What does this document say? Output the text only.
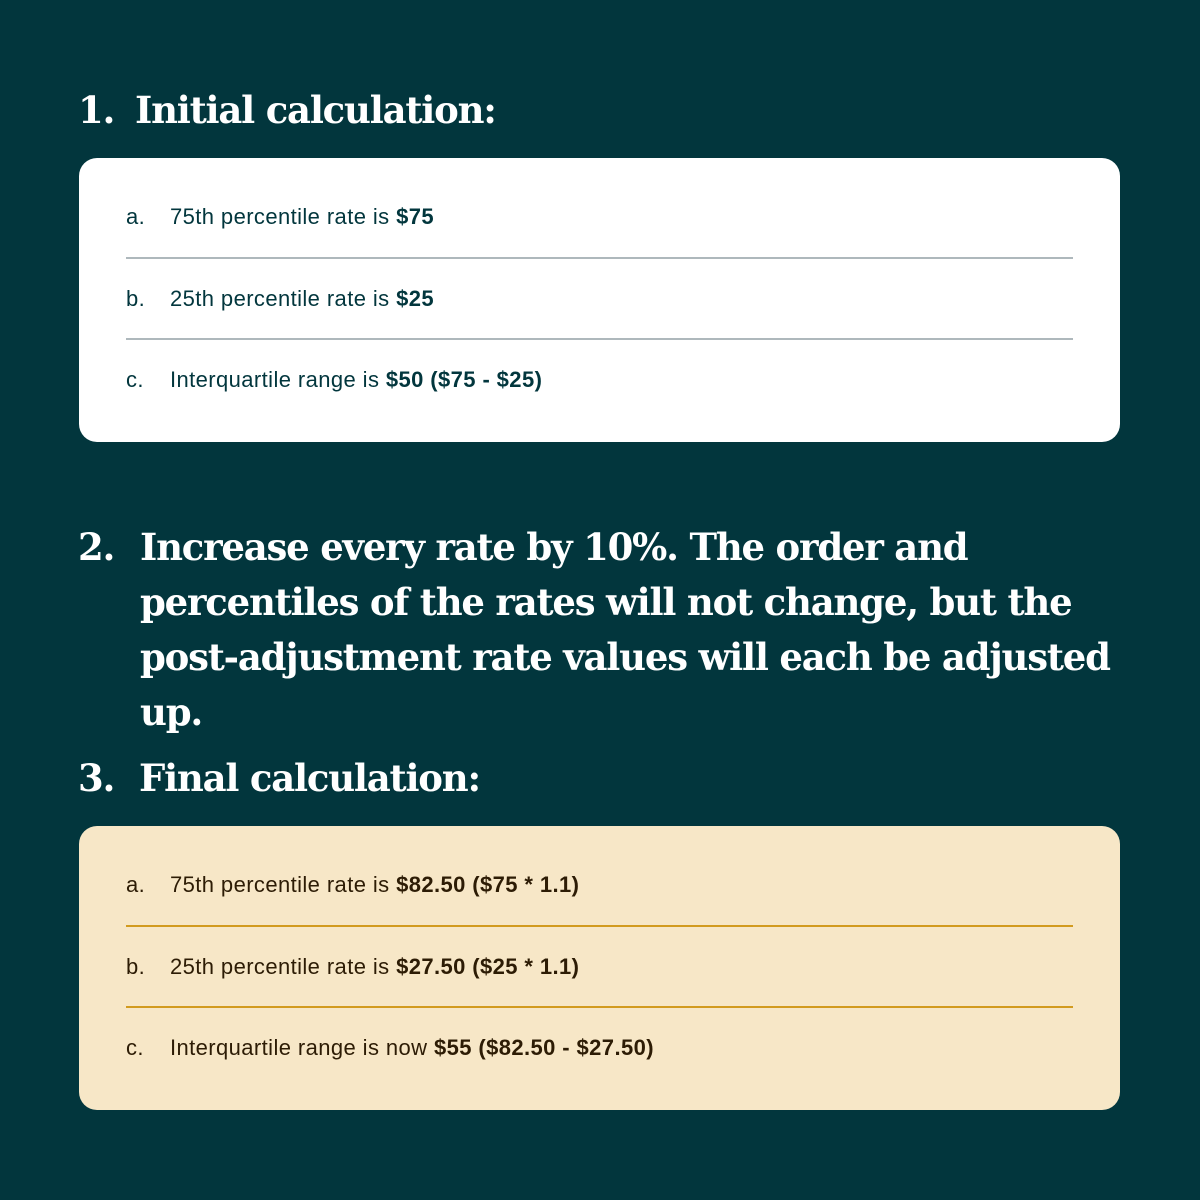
1. Initial calculation:
a.	75th percentile rate is $75
b.	25th percentile rate is $25
c.	Interquartile range is $50 ($75 - $25)
2. Increase every rate by 10%. The order and percentiles of the rates will not change, but the post-adjustment rate values will each be adjusted up.
3. Final calculation:
a.	75th percentile rate is $82.50 ($75 * 1.1)
b.	25th percentile rate is $27.50 ($25 * 1.1)
c.	Interquartile range is now $55 ($82.50 - $27.50)
